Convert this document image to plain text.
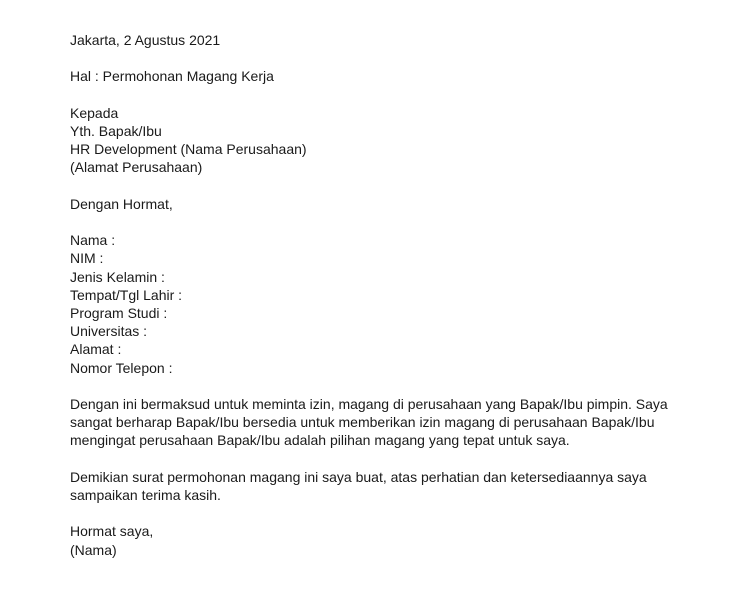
Jakarta, 2 Agustus 2021
Hal : Permohonan Magang Kerja
Kepada
Yth. Bapak/Ibu
HR Development (Nama Perusahaan)
(Alamat Perusahaan)
Dengan Hormat,
Nama :
NIM :
Jenis Kelamin :
Tempat/Tgl Lahir :
Program Studi :
Universitas :
Alamat :
Nomor Telepon :
Dengan ini bermaksud untuk meminta izin, magang di perusahaan yang Bapak/Ibu pimpin. Saya
sangat berharap Bapak/Ibu bersedia untuk memberikan izin magang di perusahaan Bapak/Ibu
mengingat perusahaan Bapak/Ibu adalah pilihan magang yang tepat untuk saya.
Demikian surat permohonan magang ini saya buat, atas perhatian dan ketersediaannya saya
sampaikan terima kasih.
Hormat saya,
(Nama)
